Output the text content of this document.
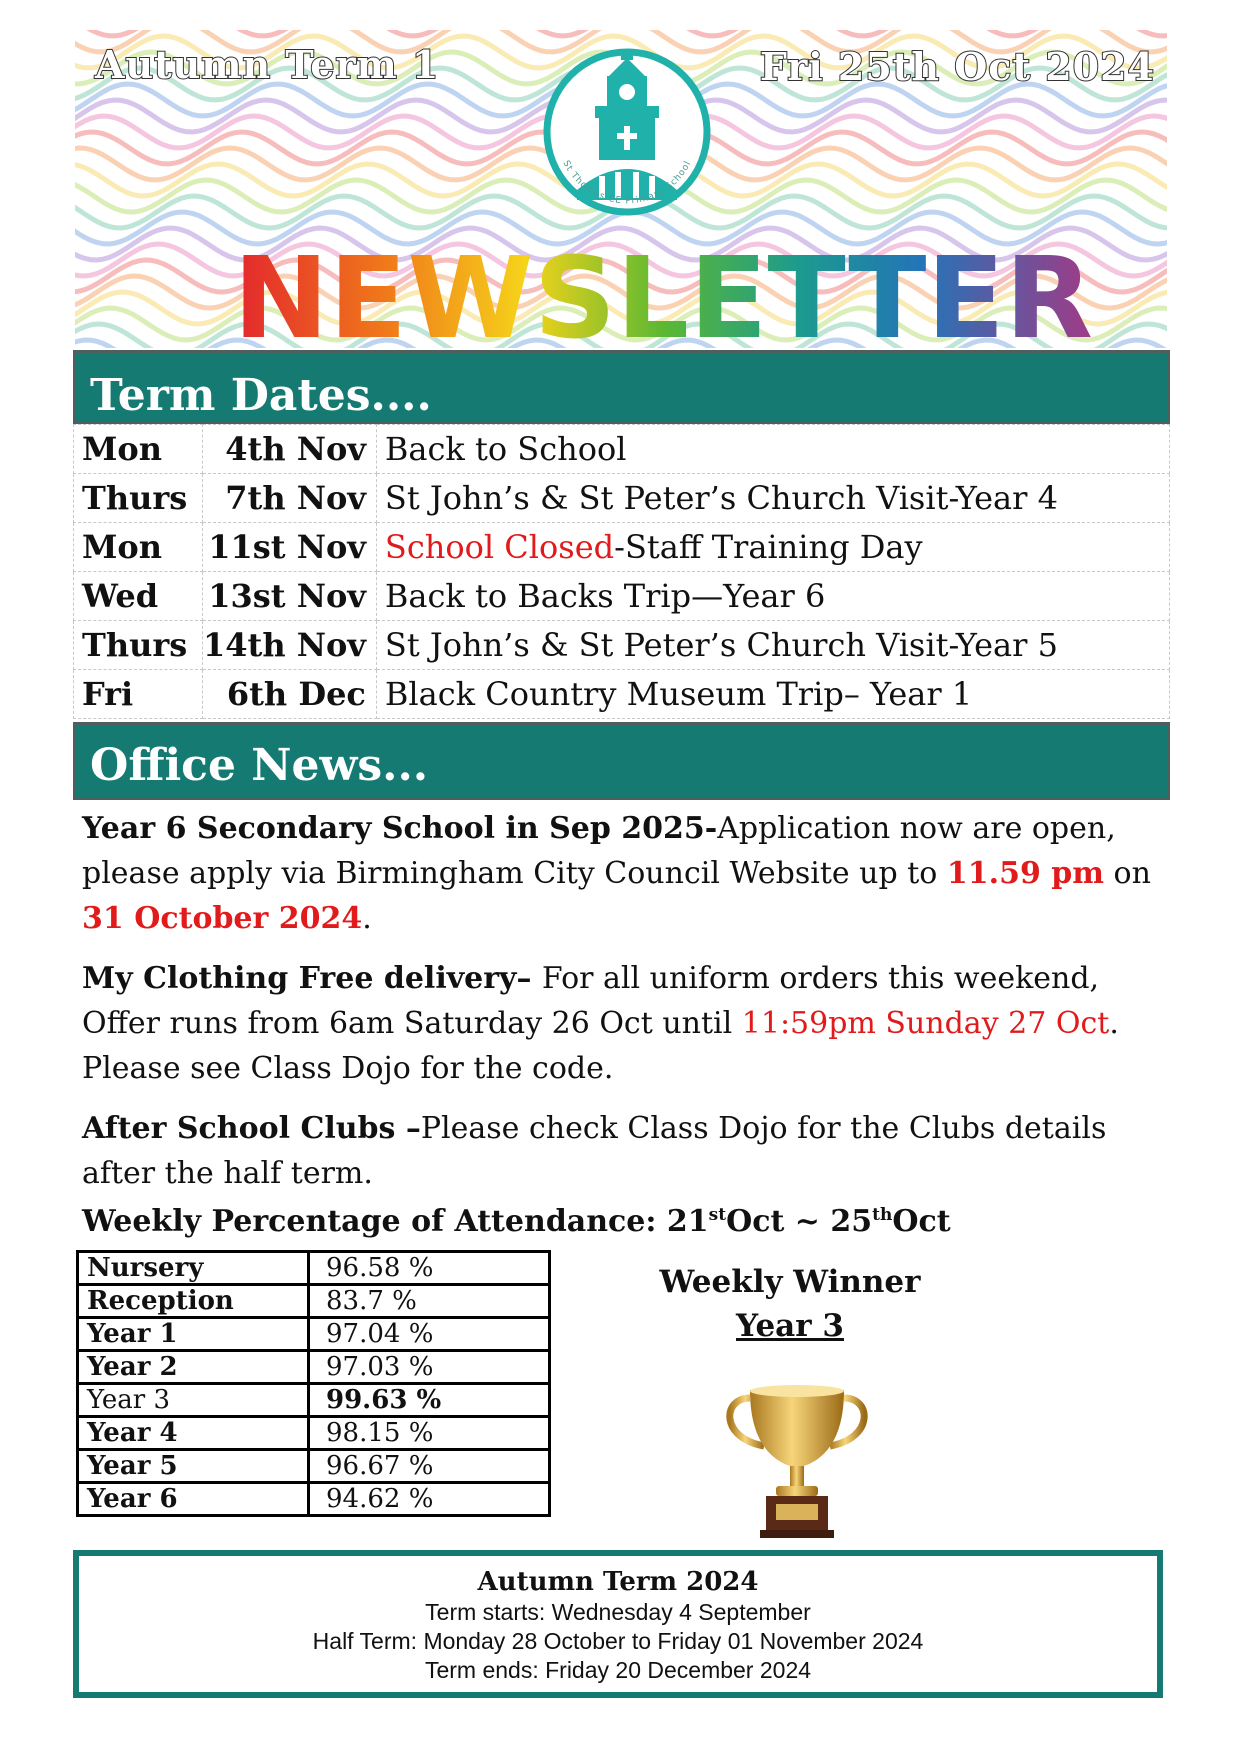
Autumn Term 1	Fri 25th Oct 2024
St Thomas CE Primary School
NEWSLETTER
Term Dates....
Mon	4th Nov	Back to School
Thurs	7th Nov	St John’s & St Peter’s Church Visit-Year 4
Mon	11st Nov	School Closed-Staff Training Day
Wed	13st Nov	Back to Backs Trip—Year 6
Thurs	14th Nov	St John’s & St Peter’s Church Visit-Year 5
Fri	6th Dec	Black Country Museum Trip– Year 1
Office News...
Year 6 Secondary School in Sep 2025-Application now are open, please apply via Birmingham City Council Website up to 11.59 pm on 31 October 2024.
My Clothing Free delivery– For all uniform orders this weekend, Offer runs from 6am Saturday 26 Oct until 11:59pm Sunday 27 Oct. Please see Class Dojo for the code.
After School Clubs –Please check Class Dojo for the Clubs details after the half term.
Weekly Percentage of Attendance: 21stOct ~ 25thOct
Nursery	96.58 %
Reception	83.7 %
Year 1	97.04 %
Year 2	97.03 %
Year 3	99.63 %
Year 4	98.15 %
Year 5	96.67 %
Year 6	94.62 %
Weekly Winner
Year 3
Autumn Term 2024
Term starts: Wednesday 4 September
Half Term: Monday 28 October to Friday 01 November 2024
Term ends: Friday 20 December 2024
